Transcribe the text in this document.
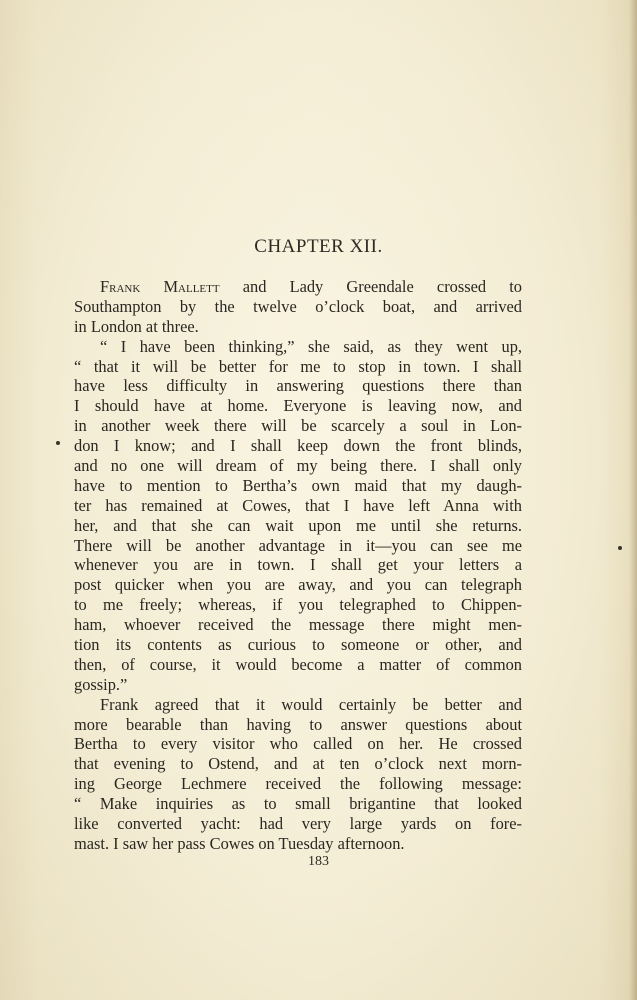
CHAPTER XII.
Frank Mallett and Lady Greendale crossed to
Southampton by the twelve o’clock boat, and arrived
in London at three.
“ I have been thinking,” she said, as they went up,
“ that it will be better for me to stop in town. I shall
have less difficulty in answering questions there than
I should have at home. Everyone is leaving now, and
in another week there will be scarcely a soul in Lon-
don I know; and I shall keep down the front blinds,
and no one will dream of my being there. I shall only
have to mention to Bertha’s own maid that my daugh-
ter has remained at Cowes, that I have left Anna with
her, and that she can wait upon me until she returns.
There will be another advantage in it—you can see me
whenever you are in town. I shall get your letters a
post quicker when you are away, and you can telegraph
to me freely; whereas, if you telegraphed to Chippen-
ham, whoever received the message there might men-
tion its contents as curious to someone or other, and
then, of course, it would become a matter of common
gossip.”
Frank agreed that it would certainly be better and
more bearable than having to answer questions about
Bertha to every visitor who called on her. He crossed
that evening to Ostend, and at ten o’clock next morn-
ing George Lechmere received the following message:
“ Make inquiries as to small brigantine that looked
like converted yacht: had very large yards on fore-
mast. I saw her pass Cowes on Tuesday afternoon.
183
